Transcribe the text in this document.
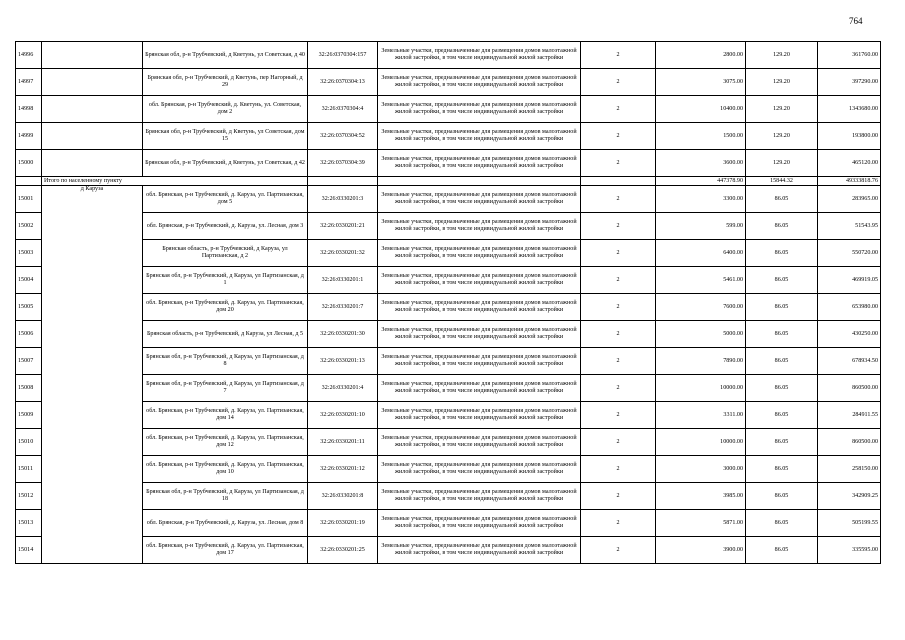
764
14996		Брянская обл, р-н Трубчевский, д Кветунь, ул Советская, д 40	32:26:0370304:157	Земельные участки, предназначенные для размещения домов малоэтажной жилой застройки, в том числе индивидуальной жилой застройки	2	2800.00	129.20	361760.00
14997		Брянская обл, р-н Трубчевский, д Кветунь, пер Нагорный, д 29	32:26:0370304:13	Земельные участки, предназначенные для размещения домов малоэтажной жилой застройки, в том числе индивидуальной жилой застройки	2	3075.00	129.20	397290.00
14998		обл. Брянская, р-н Трубчевский, д. Кветунь, ул. Советская, дом 2	32:26:0370304:4	Земельные участки, предназначенные для размещения домов малоэтажной жилой застройки, в том числе индивидуальной жилой застройки	2	10400.00	129.20	1343680.00
14999		Брянская обл, р-н Трубчевский, д Кветунь, ул Советская, дом 15	32:26:0370304:52	Земельные участки, предназначенные для размещения домов малоэтажной жилой застройки, в том числе индивидуальной жилой застройки	2	1500.00	129.20	193800.00
15000		Брянская обл, р-н Трубчевский, д Кветунь, ул Советская, д 42	32:26:0370304:39	Земельные участки, предназначенные для размещения домов малоэтажной жилой застройки, в том числе индивидуальной жилой застройки	2	3600.00	129.20	465120.00
	Итого по населенному пункту					447378.90	15844.32	49333818.76
15001	д Каруза	обл. Брянская, р-н Трубчевский, д. Каруза, ул. Партизанская, дом 5	32:26:0330201:3	Земельные участки, предназначенные для размещения домов малоэтажной жилой застройки, в том числе индивидуальной жилой застройки	2	3300.00	86.05	283965.00
15002		обл. Брянская, р-н Трубчевский, д. Каруза, ул. Лесная, дом 3	32:26:0330201:21	Земельные участки, предназначенные для размещения домов малоэтажной жилой застройки, в том числе индивидуальной жилой застройки	2	599.00	86.05	51543.95
15003		Брянская область, р-н Трубчевский, д Каруза, ул Партизанская, д 2	32:26:0330201:32	Земельные участки, предназначенные для размещения домов малоэтажной жилой застройки, в том числе индивидуальной жилой застройки	2	6400.00	86.05	550720.00
15004		Брянская обл, р-н Трубчевский, д Каруза, ул Партизанская, д 1	32:26:0330201:1	Земельные участки, предназначенные для размещения домов малоэтажной жилой застройки, в том числе индивидуальной жилой застройки	2	5461.00	86.05	469919.05
15005		обл. Брянская, р-н Трубчевский, д. Каруза, ул. Партизанская, дом 20	32:26:0330201:7	Земельные участки, предназначенные для размещения домов малоэтажной жилой застройки, в том числе индивидуальной жилой застройки	2	7600.00	86.05	653980.00
15006		Брянская область, р-н Трубчевский, д Каруза, ул Лесная, д 5	32:26:0330201:30	Земельные участки, предназначенные для размещения домов малоэтажной жилой застройки, в том числе индивидуальной жилой застройки	2	5000.00	86.05	430250.00
15007		Брянская обл, р-н Трубчевский, д Каруза, ул Партизанская, д 8	32:26:0330201:13	Земельные участки, предназначенные для размещения домов малоэтажной жилой застройки, в том числе индивидуальной жилой застройки	2	7890.00	86.05	678934.50
15008		Брянская обл, р-н Трубчевский, д Каруза, ул Партизанская, д 7	32:26:0330201:4	Земельные участки, предназначенные для размещения домов малоэтажной жилой застройки, в том числе индивидуальной жилой застройки	2	10000.00	86.05	860500.00
15009		обл. Брянская, р-н Трубчевский, д. Каруза, ул. Партизанская, дом 14	32:26:0330201:10	Земельные участки, предназначенные для размещения домов малоэтажной жилой застройки, в том числе индивидуальной жилой застройки	2	3311.00	86.05	284911.55
15010		обл. Брянская, р-н Трубчевский, д. Каруза, ул. Партизанская, дом 12	32:26:0330201:11	Земельные участки, предназначенные для размещения домов малоэтажной жилой застройки, в том числе индивидуальной жилой застройки	2	10000.00	86.05	860500.00
15011		обл. Брянская, р-н Трубчевский, д. Каруза, ул. Партизанская, дом 10	32:26:0330201:12	Земельные участки, предназначенные для размещения домов малоэтажной жилой застройки, в том числе индивидуальной жилой застройки	2	3000.00	86.05	258150.00
15012		Брянская обл, р-н Трубчевский, д Каруза, ул Партизанская, д 18	32:26:0330201:8	Земельные участки, предназначенные для размещения домов малоэтажной жилой застройки, в том числе индивидуальной жилой застройки	2	3985.00	86.05	342909.25
15013		обл. Брянская, р-н Трубчевский, д. Каруза, ул. Лесная, дом 8	32:26:0330201:19	Земельные участки, предназначенные для размещения домов малоэтажной жилой застройки, в том числе индивидуальной жилой застройки	2	5871.00	86.05	505199.55
15014		обл. Брянская, р-н Трубчевский, д. Каруза, ул. Партизанская, дом 17	32:26:0330201:25	Земельные участки, предназначенные для размещения домов малоэтажной жилой застройки, в том числе индивидуальной жилой застройки	2	3900.00	86.05	335595.00
